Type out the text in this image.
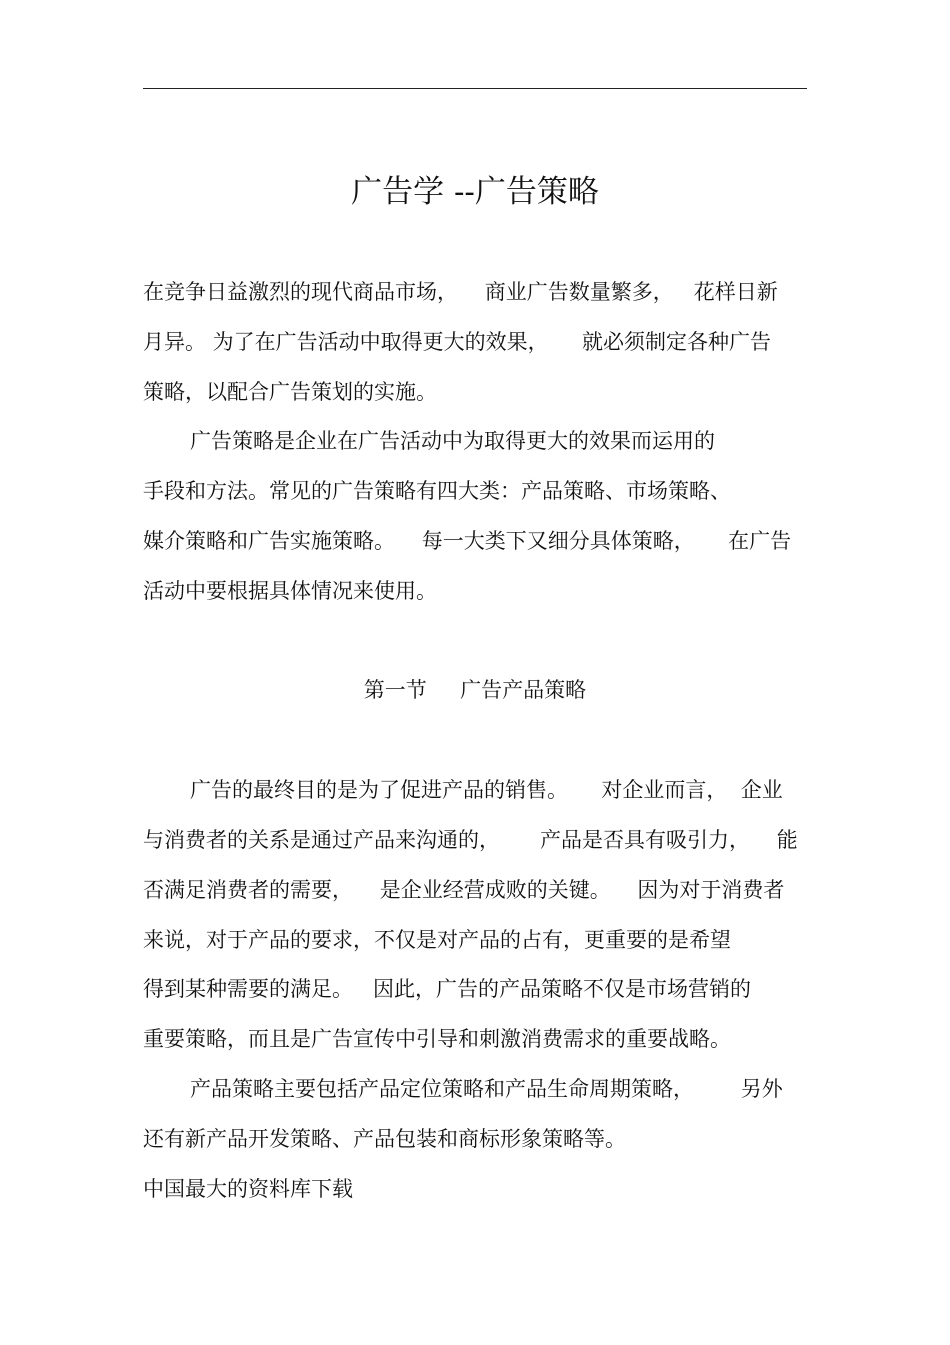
广告学 --广告策略
在竞争日益激烈的现代商品市场，    商业广告数量繁多，   花样日新
月异。 为了在广告活动中取得更大的效果，     就必须制定各种广告
策略，以配合广告策划的实施。
广告策略是企业在广告活动中为取得更大的效果而运用的
手段和方法。常见的广告策略有四大类：产品策略、市场策略、
媒介策略和广告实施策略。    每一大类下又细分具体策略，     在广告
活动中要根据具体情况来使用。
第一节     广告产品策略
广告的最终目的是为了促进产品的销售。     对企业而言，  企业
与消费者的关系是通过产品来沟通的，      产品是否具有吸引力，    能
否满足消费者的需要，    是企业经营成败的关键。    因为对于消费者
来说，对于产品的要求，不仅是对产品的占有，更重要的是希望
得到某种需要的满足。   因此，广告的产品策略不仅是市场营销的
重要策略，而且是广告宣传中引导和刺激消费需求的重要战略。
产品策略主要包括产品定位策略和产品生命周期策略，       另外
还有新产品开发策略、产品包装和商标形象策略等。
中国最大的资料库下载
